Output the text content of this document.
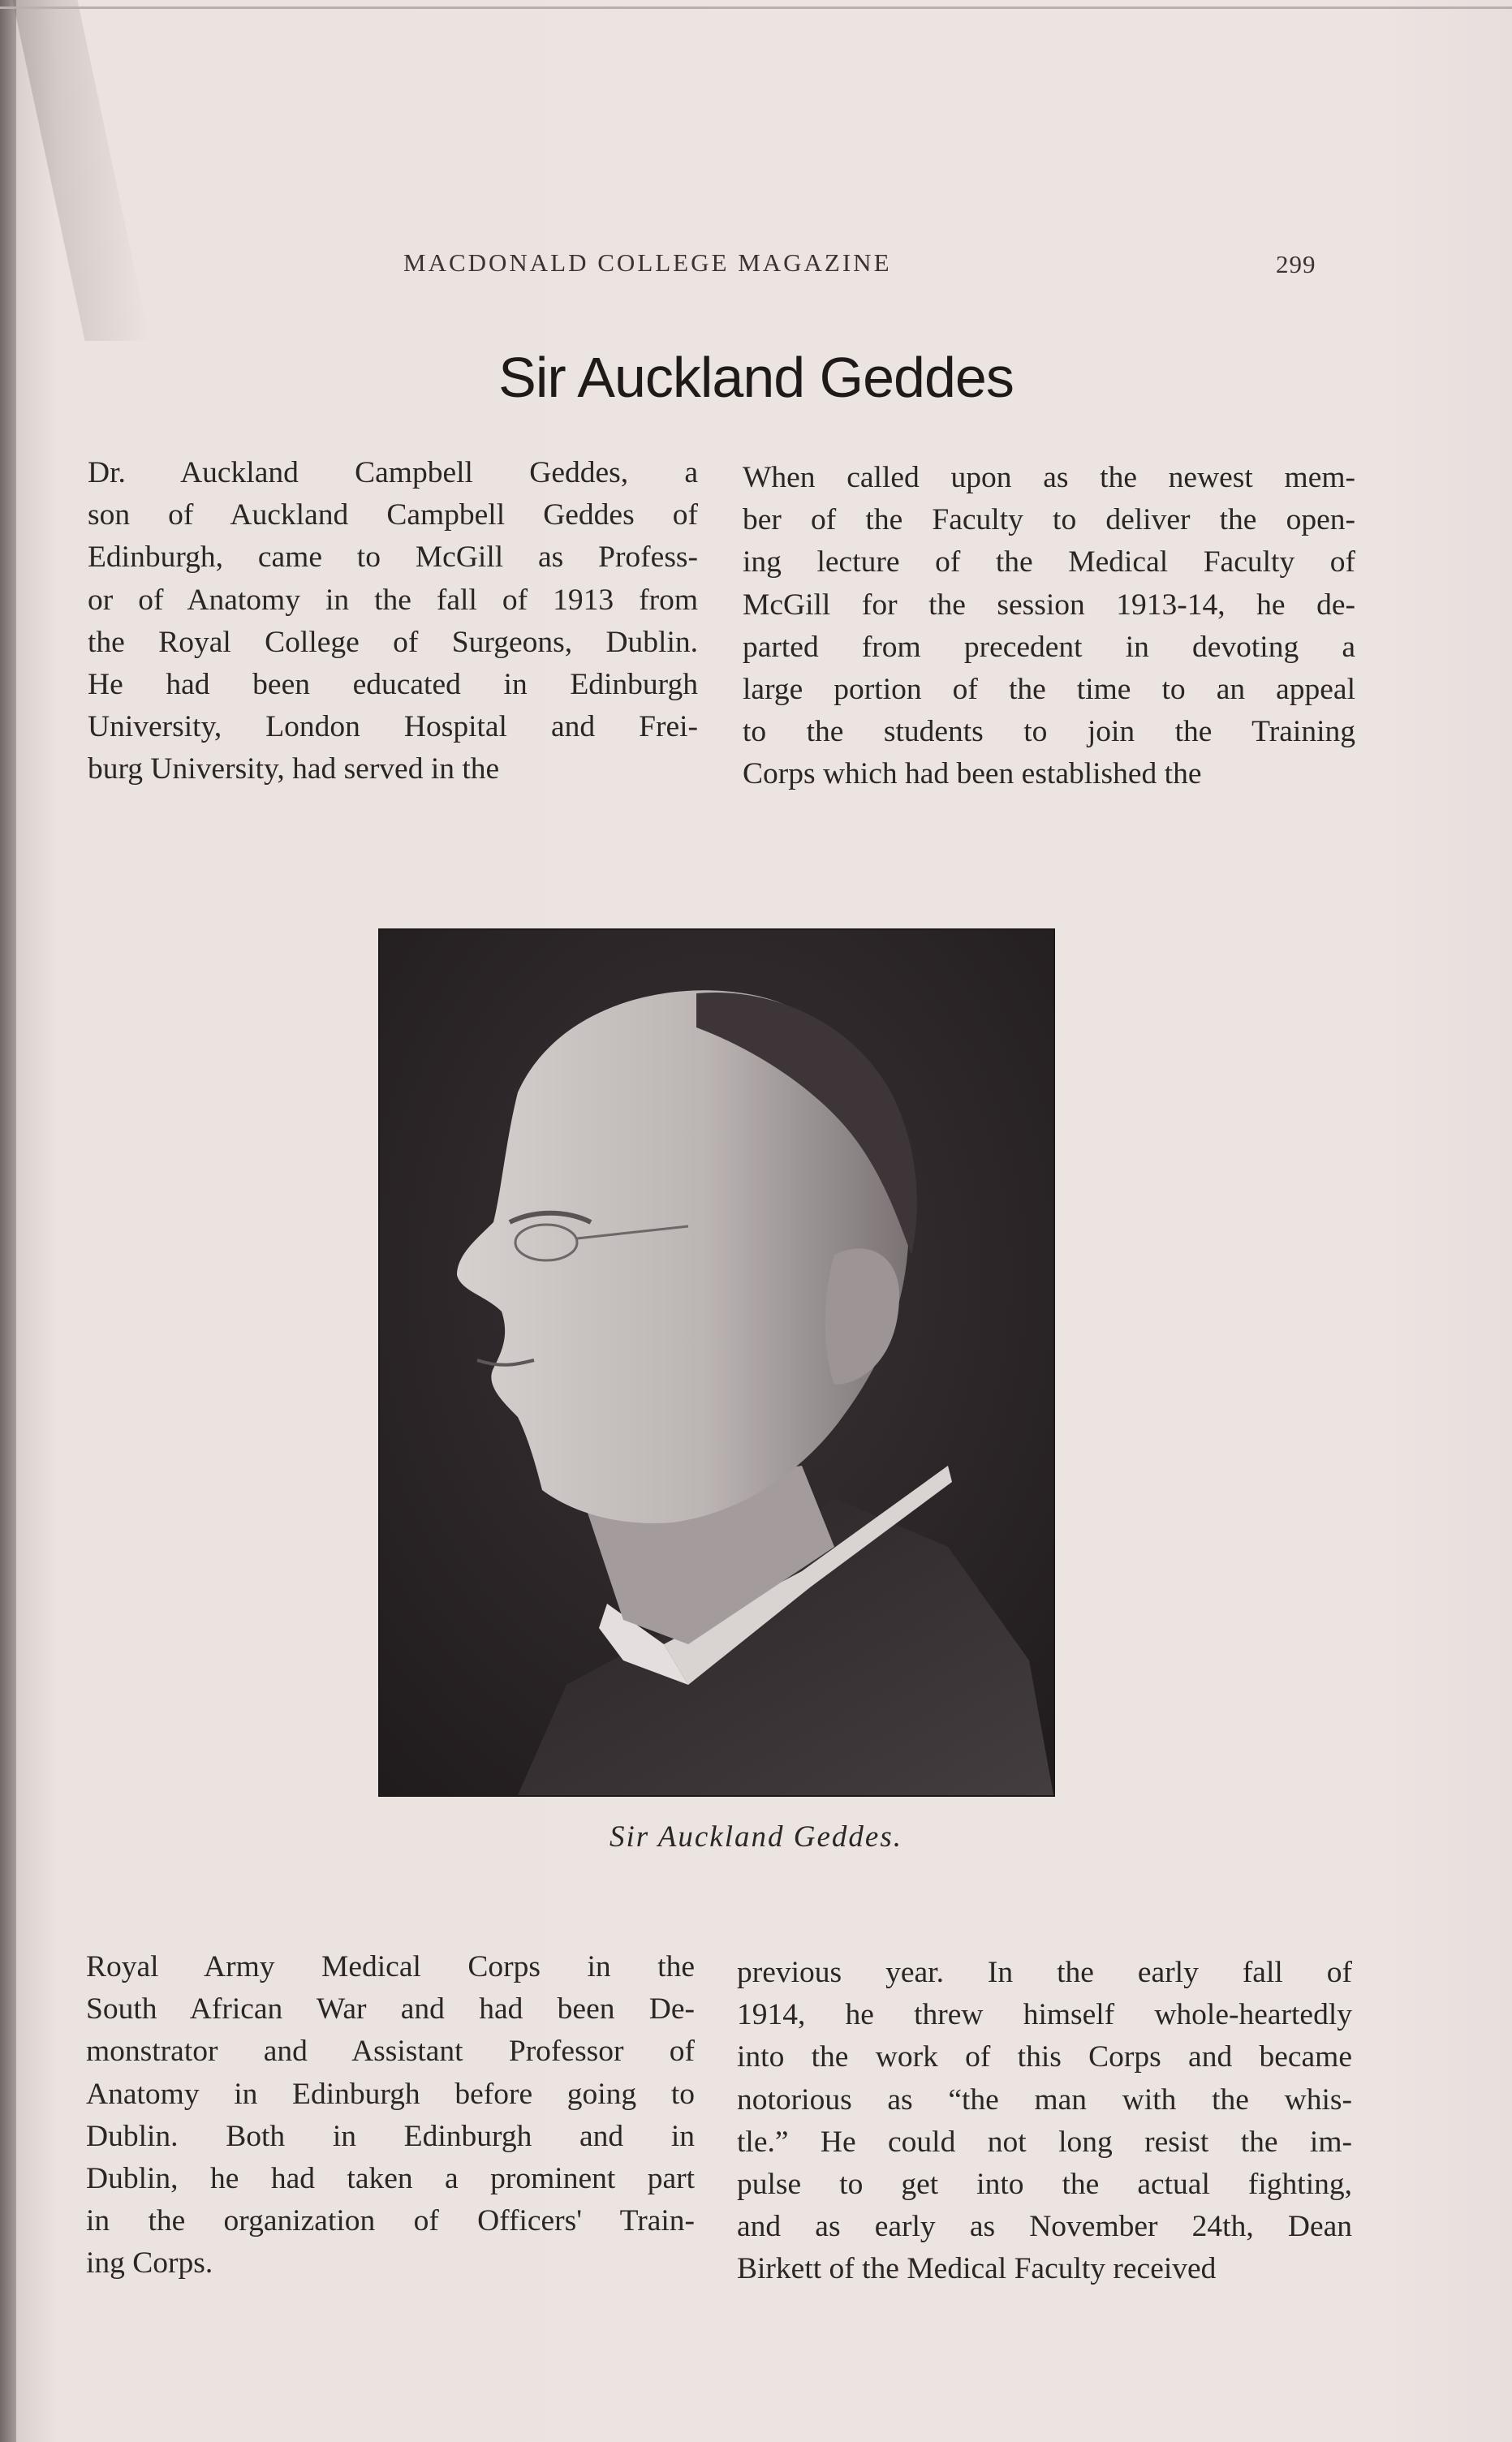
MACDONALD COLLEGE MAGAZINE	299
Sir Auckland Geddes
Dr. Auckland Campbell Geddes, a
son of Auckland Campbell Geddes of
Edinburgh, came to McGill as Profess-
or of Anatomy in the fall of 1913 from
the Royal College of Surgeons, Dublin.
He had been educated in Edinburgh
University, London Hospital and Frei-
burg University, had served in the
When called upon as the newest mem-
ber of the Faculty to deliver the open-
ing lecture of the Medical Faculty of
McGill for the session 1913-14, he de-
parted from precedent in devoting a
large portion of the time to an appeal
to the students to join the Training
Corps which had been established the
Sir Auckland Geddes.
Royal Army Medical Corps in the
South African War and had been De-
monstrator and Assistant Professor of
Anatomy in Edinburgh before going to
Dublin. Both in Edinburgh and in
Dublin, he had taken a prominent part
in the organization of Officers' Train-
ing Corps.
previous year. In the early fall of
1914, he threw himself whole-heartedly
into the work of this Corps and became
notorious as “the man with the whis-
tle.” He could not long resist the im-
pulse to get into the actual fighting,
and as early as November 24th, Dean
Birkett of the Medical Faculty received
